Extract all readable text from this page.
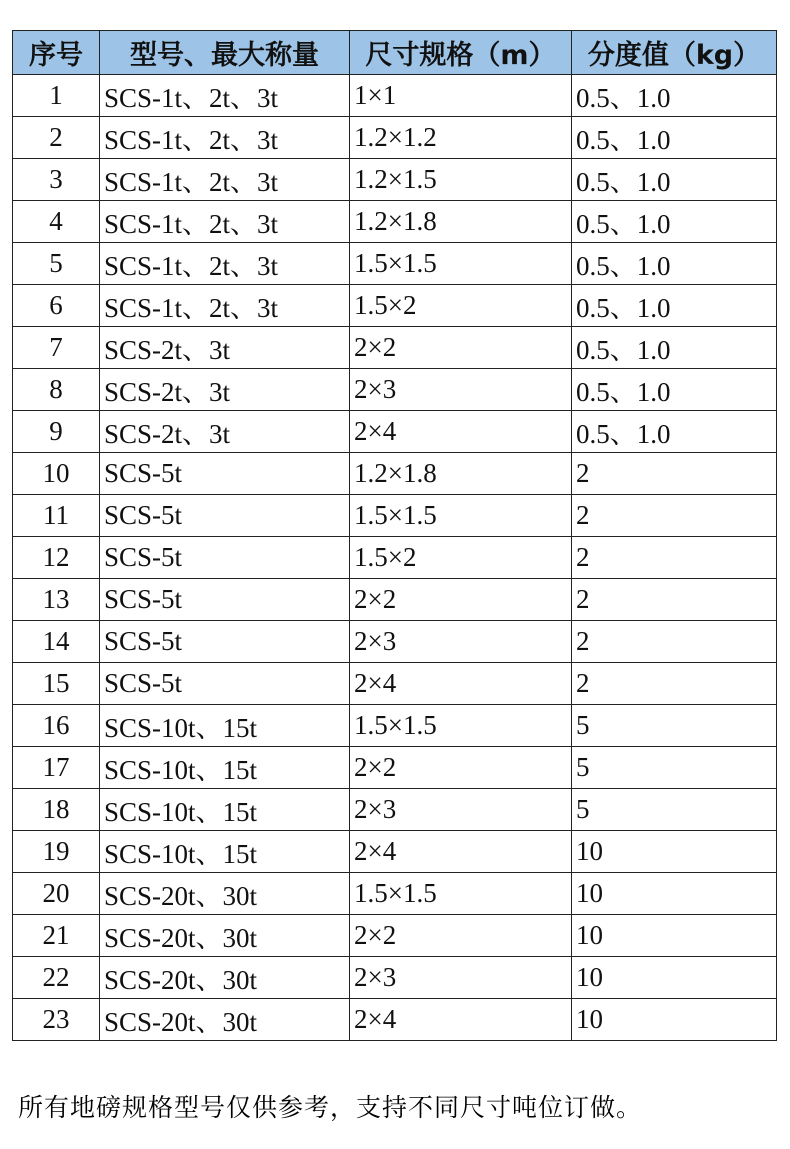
序号	型号、最大称量	尺寸规格（m）	分度值（kg）
1	SCS-1t、2t、3t	1×1	0.5、1.0
2	SCS-1t、2t、3t	1.2×1.2	0.5、1.0
3	SCS-1t、2t、3t	1.2×1.5	0.5、1.0
4	SCS-1t、2t、3t	1.2×1.8	0.5、1.0
5	SCS-1t、2t、3t	1.5×1.5	0.5、1.0
6	SCS-1t、2t、3t	1.5×2	0.5、1.0
7	SCS-2t、3t	2×2	0.5、1.0
8	SCS-2t、3t	2×3	0.5、1.0
9	SCS-2t、3t	2×4	0.5、1.0
10	SCS-5t	1.2×1.8	2
11	SCS-5t	1.5×1.5	2
12	SCS-5t	1.5×2	2
13	SCS-5t	2×2	2
14	SCS-5t	2×3	2
15	SCS-5t	2×4	2
16	SCS-10t、15t	1.5×1.5	5
17	SCS-10t、15t	2×2	5
18	SCS-10t、15t	2×3	5
19	SCS-10t、15t	2×4	10
20	SCS-20t、30t	1.5×1.5	10
21	SCS-20t、30t	2×2	10
22	SCS-20t、30t	2×3	10
23	SCS-20t、30t	2×4	10
所有地磅规格型号仅供参考，支持不同尺寸吨位订做。
